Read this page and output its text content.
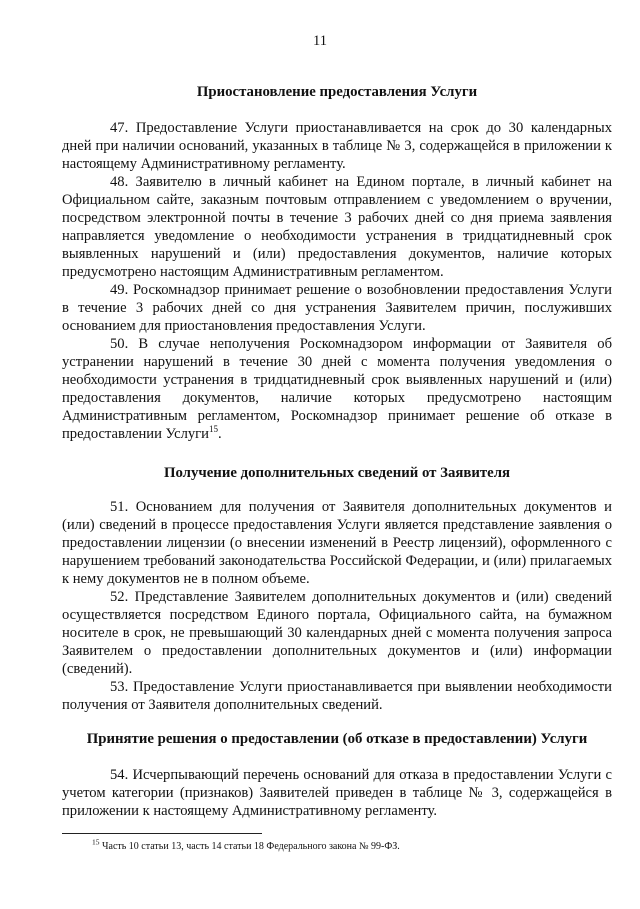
11

Приостановление предоставления Услуги

47. Предоставление Услуги приостанавливается на срок до 30 календарных дней при наличии оснований, указанных в таблице № 3, содержащейся в приложении к настоящему Административному регламенту.

48. Заявителю в личный кабинет на Едином портале, в личный кабинет на Официальном сайте, заказным почтовым отправлением с уведомлением о вручении, посредством электронной почты в течение 3 рабочих дней со дня приема заявления направляется уведомление о необходимости устранения в тридцатидневный срок выявленных нарушений и (или) предоставления документов, наличие которых предусмотрено настоящим Административным регламентом.

49. Роскомнадзор принимает решение о возобновлении предоставления Услуги в течение 3 рабочих дней со дня устранения Заявителем причин, послуживших основанием для приостановления предоставления Услуги.

50. В случае неполучения Роскомнадзором информации от Заявителя об устранении нарушений в течение 30 дней с момента получения уведомления о необходимости устранения в тридцатидневный срок выявленных нарушений и (или) предоставления документов, наличие которых предусмотрено настоящим Административным регламентом, Роскомнадзор принимает решение об отказе в предоставлении Услуги$^{15}$.

Получение дополнительных сведений от Заявителя

51. Основанием для получения от Заявителя дополнительных документов и (или) сведений в процессе предоставления Услуги является представление заявления о предоставлении лицензии (о внесении изменений в Реестр лицензий), оформленного с нарушением требований законодательства Российской Федерации, и (или) прилагаемых к нему документов не в полном объеме.

52. Представление Заявителем дополнительных документов и (или) сведений осуществляется посредством Единого портала, Официального сайта, на бумажном носителе в срок, не превышающий 30 календарных дней с момента получения запроса Заявителем о предоставлении дополнительных документов и (или) информации (сведений).

53. Предоставление Услуги приостанавливается при выявлении необходимости получения от Заявителя дополнительных сведений.

Принятие решения о предоставлении (об отказе в предоставлении) Услуги

54. Исчерпывающий перечень оснований для отказа в предоставлении Услуги с учетом категории (признаков) Заявителей приведен в таблице № 3, содержащейся в приложении к настоящему Административному регламенту.

$^{15}$ Часть 10 статьи 13, часть 14 статьи 18 Федерального закона № 99-ФЗ.
